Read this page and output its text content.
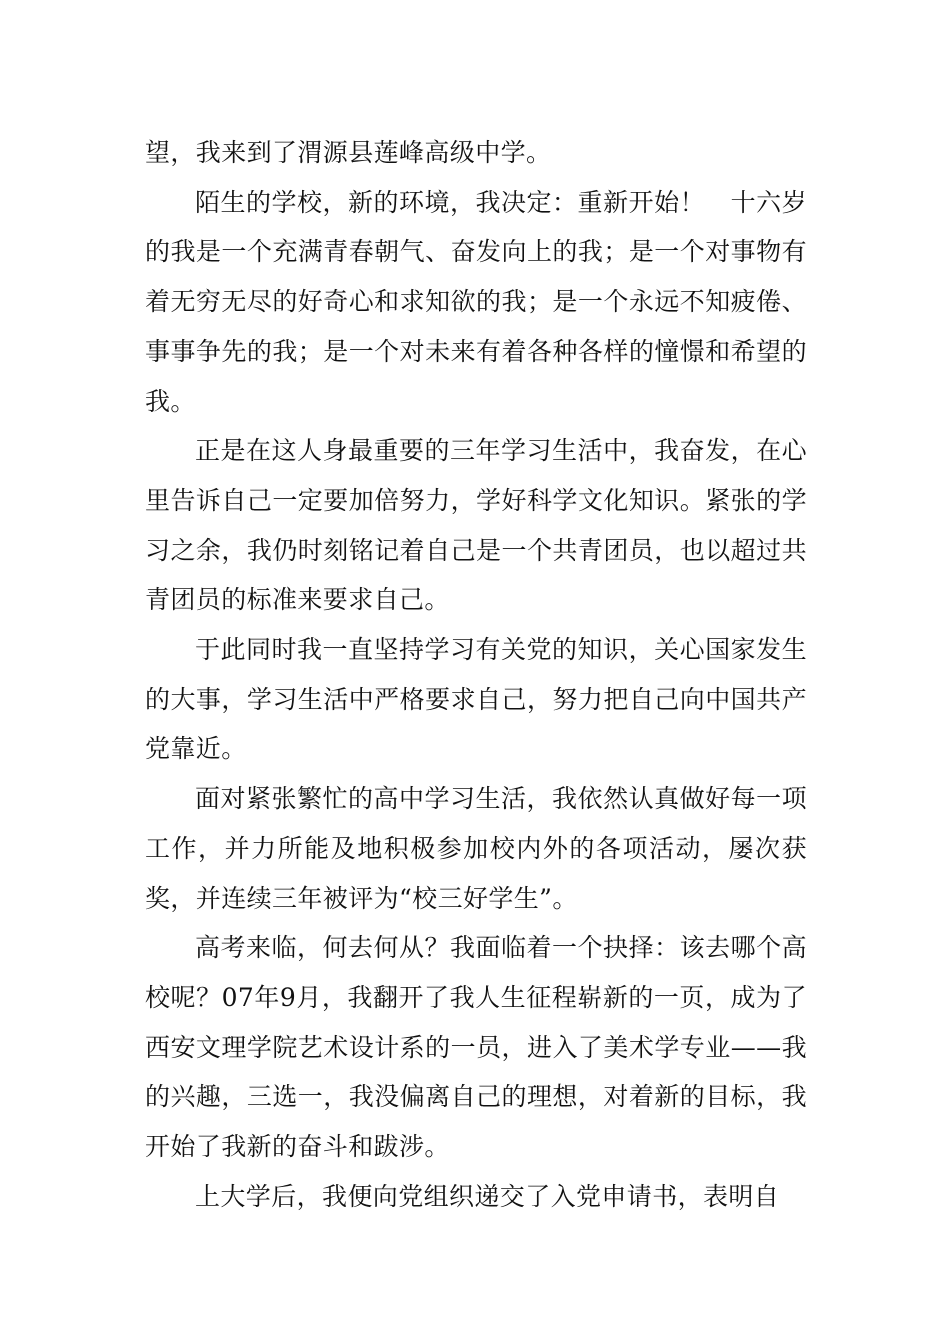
望，我来到了渭源县莲峰高级中学。

陌生的学校，新的环境，我决定：重新开始！　十六岁的我是一个充满青春朝气、奋发向上的我；是一个对事物有着无穷无尽的好奇心和求知欲的我；是一个永远不知疲倦、事事争先的我；是一个对未来有着各种各样的憧憬和希望的我。

正是在这人身最重要的三年学习生活中，我奋发，在心里告诉自己一定要加倍努力，学好科学文化知识。紧张的学习之余，我仍时刻铭记着自己是一个共青团员，也以超过共青团员的标准来要求自己。

于此同时我一直坚持学习有关党的知识，关心国家发生的大事，学习生活中严格要求自己，努力把自己向中国共产党靠近。

面对紧张繁忙的高中学习生活，我依然认真做好每一项工作，并力所能及地积极参加校内外的各项活动，屡次获奖，并连续三年被评为“校三好学生”。

高考来临，何去何从？我面临着一个抉择：该去哪个高校呢？07年9月，我翻开了我人生征程崭新的一页，成为了西安文理学院艺术设计系的一员，进入了美术学专业——我的兴趣，三选一，我没偏离自己的理想，对着新的目标，我开始了我新的奋斗和跋涉。

上大学后，我便向党组织递交了入党申请书，表明自
